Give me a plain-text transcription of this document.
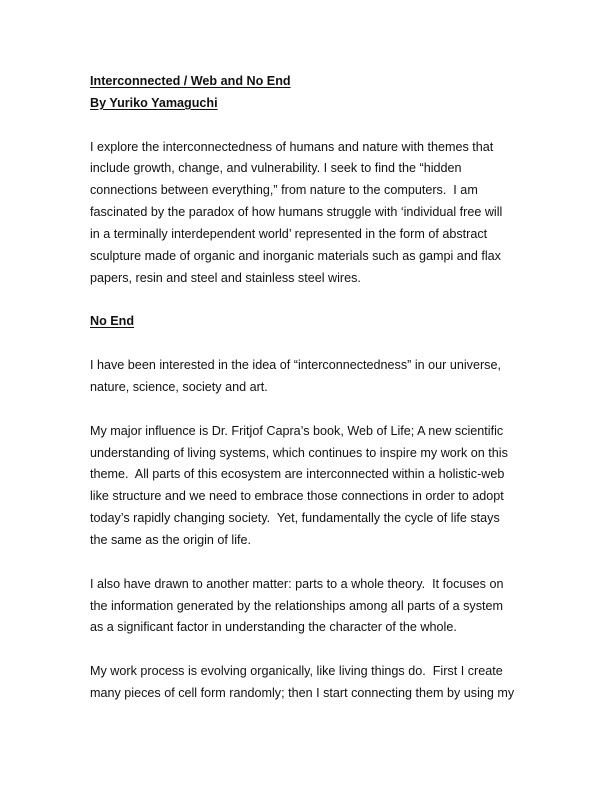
Interconnected / Web and No End
By Yuriko Yamaguchi
I explore the interconnectedness of humans and nature with themes that
include growth, change, and vulnerability. I seek to find the “hidden
connections between everything,” from nature to the computers.  I am
fascinated by the paradox of how humans struggle with ‘individual free will
in a terminally interdependent world’ represented in the form of abstract
sculpture made of organic and inorganic materials such as gampi and flax
papers, resin and steel and stainless steel wires.
No End
I have been interested in the idea of “interconnectedness” in our universe,
nature, science, society and art.
My major influence is Dr. Fritjof Capra’s book, Web of Life; A new scientific
understanding of living systems, which continues to inspire my work on this
theme.  All parts of this ecosystem are interconnected within a holistic-web
like structure and we need to embrace those connections in order to adopt
today’s rapidly changing society.  Yet, fundamentally the cycle of life stays
the same as the origin of life.
I also have drawn to another matter: parts to a whole theory.  It focuses on
the information generated by the relationships among all parts of a system
as a significant factor in understanding the character of the whole.
My work process is evolving organically, like living things do.  First I create
many pieces of cell form randomly; then I start connecting them by using my
